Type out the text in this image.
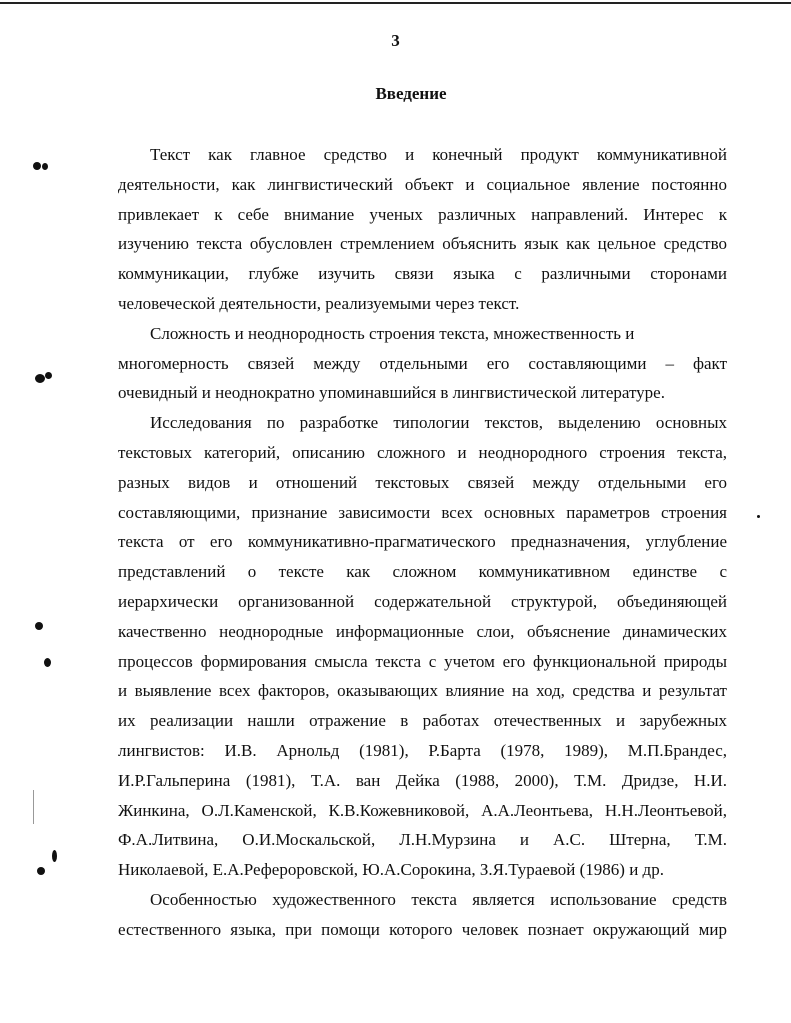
3
Введение
Текст как главное средство и конечный продукт коммуникативной
деятельности, как лингвистический объект и социальное явление постоянно
привлекает к себе внимание ученых различных направлений. Интерес к
изучению текста обусловлен стремлением объяснить язык как цельное средство
коммуникации, глубже изучить связи языка с различными сторонами
человеческой деятельности, реализуемыми через текст.
Сложность и неоднородность строения текста, множественность и
многомерность связей между отдельными его составляющими – факт
очевидный и неоднократно упоминавшийся в лингвистической литературе.
Исследования по разработке типологии текстов, выделению основных
текстовых категорий, описанию сложного и неоднородного строения текста,
разных видов и отношений текстовых связей между отдельными его
составляющими, признание зависимости всех основных параметров строения
текста от его коммуникативно-прагматического предназначения, углубление
представлений о тексте как сложном коммуникативном единстве с
иерархически организованной содержательной структурой, объединяющей
качественно неоднородные информационные слои, объяснение динамических
процессов формирования смысла текста с учетом его функциональной природы
и выявление всех факторов, оказывающих влияние на ход, средства и результат
их реализации нашли отражение в работах отечественных и зарубежных
лингвистов: И.В. Арнольд (1981), Р.Барта (1978, 1989), М.П.Брандес,
И.Р.Гальперина (1981), Т.А. ван Дейка (1988, 2000), Т.М. Дридзе, Н.И.
Жинкина, О.Л.Каменской, К.В.Кожевниковой, А.А.Леонтьева, Н.Н.Леонтьевой,
Ф.А.Литвина, О.И.Москальской, Л.Н.Мурзина и А.С. Штерна, Т.М.
Николаевой, Е.А.Рефероровской, Ю.А.Сорокина, З.Я.Тураевой (1986) и др.
Особенностью художественного текста является использование средств
естественного языка, при помощи которого человек познает окружающий мир
